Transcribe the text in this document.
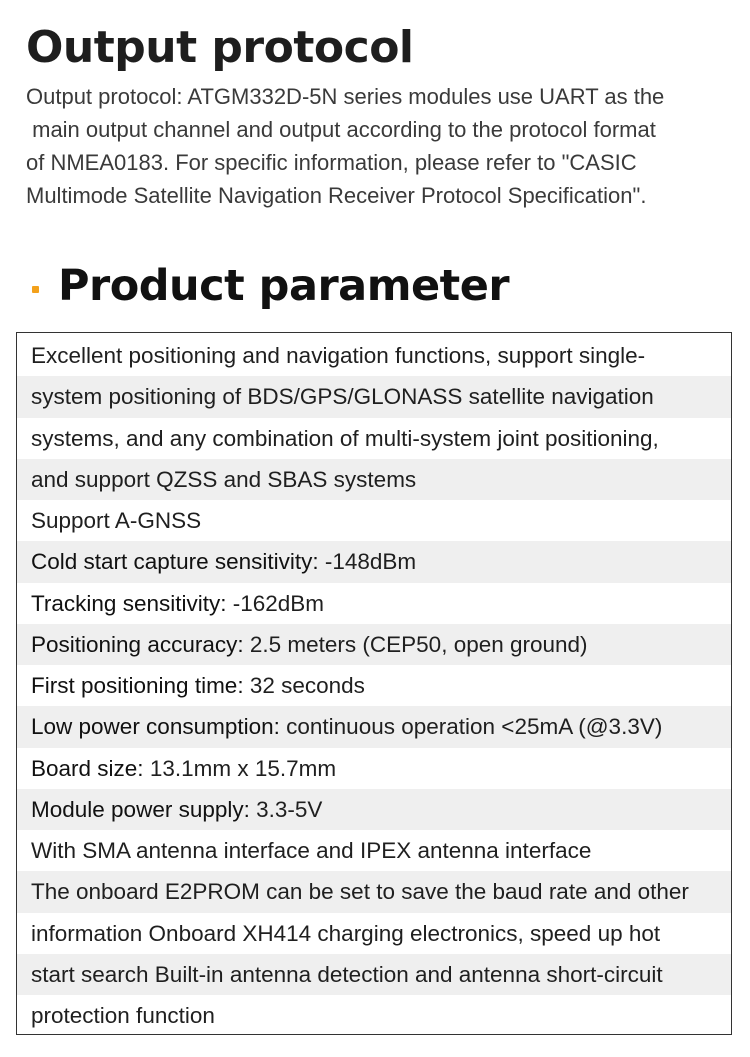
Output protocol

Output protocol: ATGM332D-5N series modules use UART as the
main output channel and output according to the protocol format
of NMEA0183. For specific information, please refer to "CASIC
Multimode Satellite Navigation Receiver Protocol Specification".

Product parameter
Excellent positioning and navigation functions, support single-
system positioning of BDS/GPS/GLONASS satellite navigation
systems, and any combination of multi-system joint positioning,
and support QZSS and SBAS systems
Support A-GNSS
Cold start capture sensitivity: -148dBm
Tracking sensitivity: -162dBm
Positioning accuracy: 2.5 meters (CEP50, open ground)
First positioning time: 32 seconds
Low power consumption: continuous operation <25mA (@3.3V)
Board size: 13.1mm x 15.7mm
Module power supply: 3.3-5V
With SMA antenna interface and IPEX antenna interface
The onboard E2PROM can be set to save the baud rate and other
information Onboard XH414 charging electronics, speed up hot
start search Built-in antenna detection and antenna short-circuit
protection function
